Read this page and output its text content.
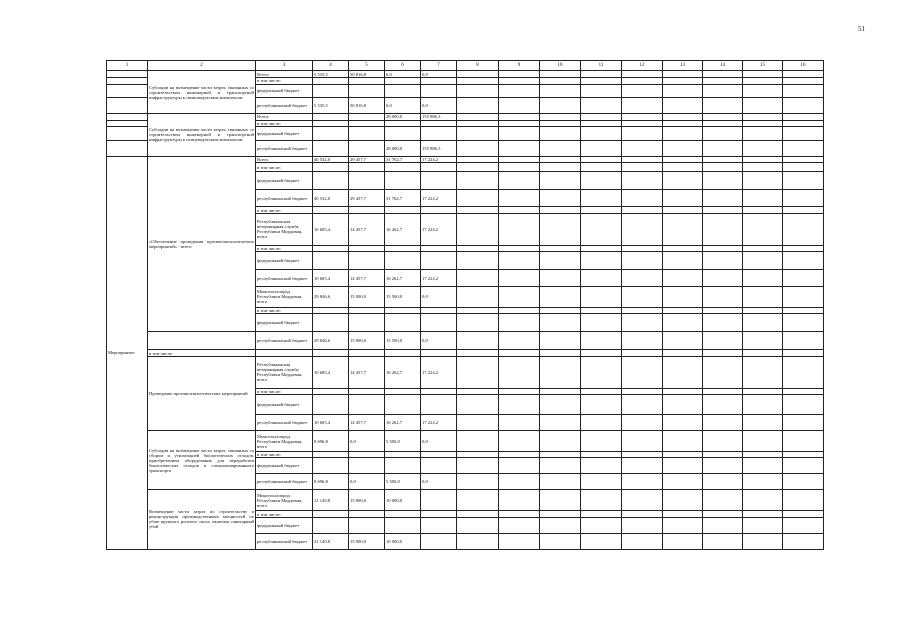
51
1	2	3	4	5	6	7	8	9	10	11	12	13	14	15	16
	Субсидии на возмещение части затрат, связанных со строительством инженерной и транспортной инфраструктуры к свиноводческим комплексам	Всего:	5 535,5	50 816,8	0,0	0,0									
		в том числе:													
		федеральный бюджет													
		республиканский бюджет	5 535,5	50 816,8	0,0	0,0									
	Субсидии на возмещение части затрат, связанных со строительством инженерной и транспортной инфраструктуры к птицеводческим комплексам	Всего:			28 000,0	155 986,3									
		в том числе:													
		федеральный бюджет													
		республиканский бюджет			28 000,0	155 986,3									
Мероприятие	«Обеспечение проведения противоэпизоотических мероприятий» - всего:	Всего	40 532,0	29 457,7	31 762,7	17 224,2									
		в том числе:													
		федеральный бюджет													
		республиканский бюджет	40 532,0	29 457,7	31 762,7	17 224,2									
		в том числе:													
		Республиканская ветеринарная служба Республики Мордовия, всего	10 685,4	14 457,7	16 262,7	17 224,2									
		в том числе:													
		федеральный бюджет													
		республиканский бюджет	10 685,4	14 457,7	16 262,7	17 224,2									
		Минсельхозпрод Республики Мордовия, всего	29 846,6	15 000,0	15 500,0	0,0									
		в том числе:													
		федеральный бюджет													
		республиканский бюджет	29 846,6	15 000,0	15 500,0	0,0									
	в том числе:														
	Проведение противоэпизоотических мероприятий	Республиканская ветеринарная служба Республики Мордовия, всего	10 685,4	14 457,7	16 262,7	17 224,2									
		в том числе:													
		федеральный бюджет													
		республиканский бюджет	10 685,4	14 457,7	16 262,7	17 224,2									
	Субсидии на возмещение части затрат, связанных со сбором и утилизацией биологических отходов, приобретением оборудования для переработки биологических отходов и специализированного транспорта	Минсельхозпрод Республики Мордовия, всего	8 696,8	0,0	5 500,0	0,0									
		в том числе:													
		федеральный бюджет													
		республиканский бюджет	8 696,8	0,0	5 500,0	0,0									
	Возмещение части затрат по строительству и реконструкции производственных мощностей по убою крупного рогатого скота, включая санитарный убой	Минсельхозпрод Республики Мордовия, всего	21 149,8	15 000,0	10 000,0										
		в том числе:													
		федеральный бюджет													
		республиканский бюджет	21 149,8	15 000,0	10 000,0										
